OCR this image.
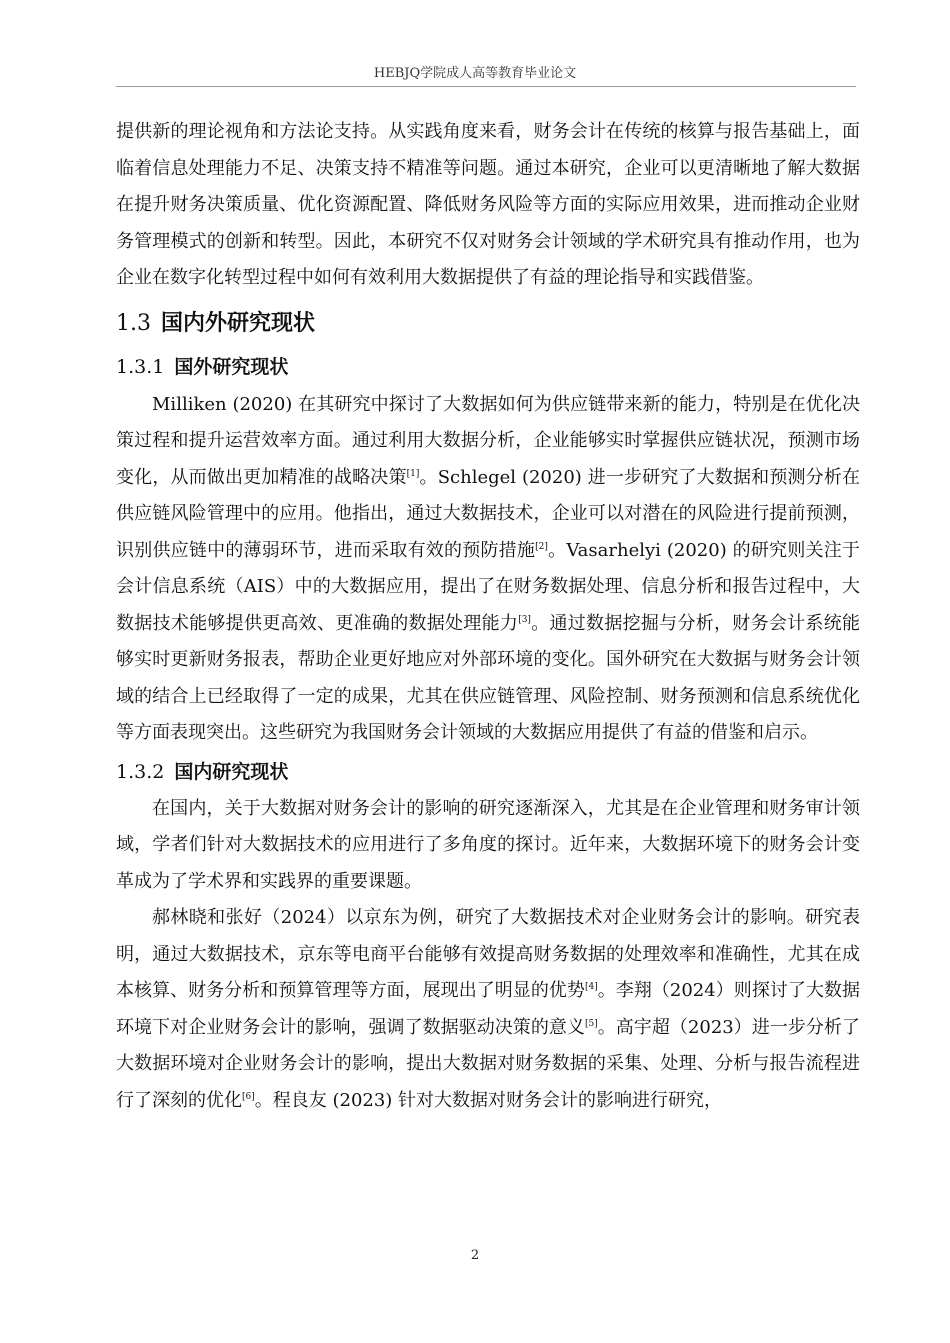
HEBJQ学院成人高等教育毕业论文

提供新的理论视角和方法论支持。从实践角度来看，财务会计在传统的核算与报告基础上，面临着信息处理能力不足、决策支持不精准等问题。通过本研究，企业可以更清晰地了解大数据在提升财务决策质量、优化资源配置、降低财务风险等方面的实际应用效果，进而推动企业财务管理模式的创新和转型。因此，本研究不仅对财务会计领域的学术研究具有推动作用，也为企业在数字化转型过程中如何有效利用大数据提供了有益的理论指导和实践借鉴。

1.3 国内外研究现状
1.3.1 国外研究现状

Milliken (2020) 在其研究中探讨了大数据如何为供应链带来新的能力，特别是在优化决策过程和提升运营效率方面。通过利用大数据分析，企业能够实时掌握供应链状况，预测市场变化，从而做出更加精准的战略决策[1]。Schlegel (2020) 进一步研究了大数据和预测分析在供应链风险管理中的应用。他指出，通过大数据技术，企业可以对潜在的风险进行提前预测，识别供应链中的薄弱环节，进而采取有效的预防措施[2]。Vasarhelyi (2020) 的研究则关注于会计信息系统（AIS）中的大数据应用，提出了在财务数据处理、信息分析和报告过程中，大数据技术能够提供更高效、更准确的数据处理能力[3]。通过数据挖掘与分析，财务会计系统能够实时更新财务报表，帮助企业更好地应对外部环境的变化。国外研究在大数据与财务会计领域的结合上已经取得了一定的成果，尤其在供应链管理、风险控制、财务预测和信息系统优化等方面表现突出。这些研究为我国财务会计领域的大数据应用提供了有益的借鉴和启示。

1.3.2 国内研究现状

在国内，关于大数据对财务会计的影响的研究逐渐深入，尤其是在企业管理和财务审计领域，学者们针对大数据技术的应用进行了多角度的探讨。近年来，大数据环境下的财务会计变革成为了学术界和实践界的重要课题。

郝林晓和张好（2024）以京东为例，研究了大数据技术对企业财务会计的影响。研究表明，通过大数据技术，京东等电商平台能够有效提高财务数据的处理效率和准确性，尤其在成本核算、财务分析和预算管理等方面，展现出了明显的优势[4]。李翔（2024）则探讨了大数据环境下对企业财务会计的影响，强调了数据驱动决策的意义[5]。高宇超（2023）进一步分析了大数据环境对企业财务会计的影响，提出大数据对财务数据的采集、处理、分析与报告流程进行了深刻的优化[6]。程良友 (2023) 针对大数据对财务会计的影响进行研究，

2
